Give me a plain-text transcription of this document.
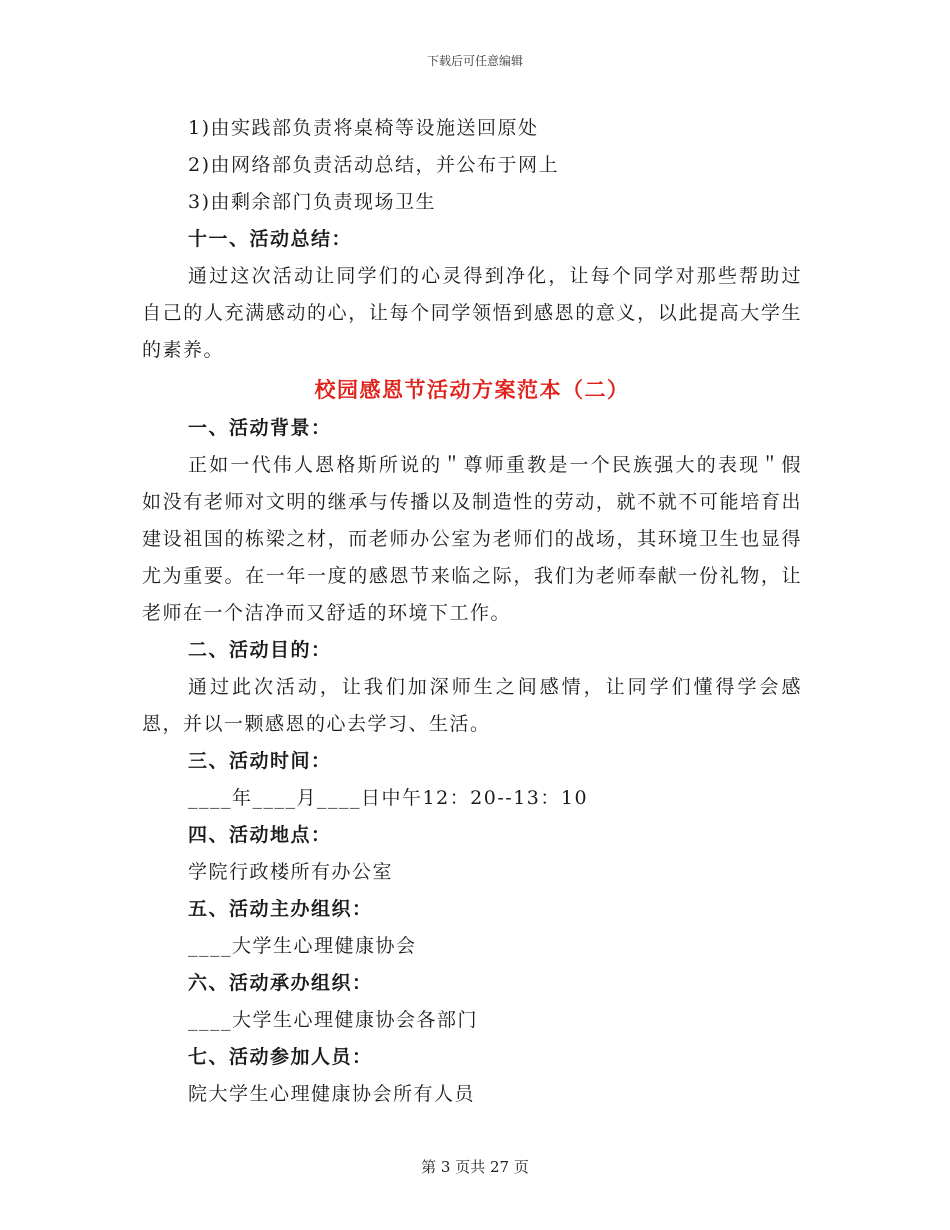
下载后可任意编辑
1)由实践部负责将桌椅等设施送回原处
2)由网络部负责活动总结，并公布于网上
3)由剩余部门负责现场卫生
十一、活动总结：
通过这次活动让同学们的心灵得到净化，让每个同学对那些帮助过自己的人充满感动的心，让每个同学领悟到感恩的意义，以此提高大学生的素养。
校园感恩节活动方案范本（二）
一、活动背景：
正如一代伟人恩格斯所说的＂尊师重教是一个民族强大的表现＂假如没有老师对文明的继承与传播以及制造性的劳动，就不就不可能培育出建设祖国的栋梁之材，而老师办公室为老师们的战场，其环境卫生也显得尤为重要。在一年一度的感恩节来临之际，我们为老师奉献一份礼物，让老师在一个洁净而又舒适的环境下工作。
二、活动目的：
通过此次活动，让我们加深师生之间感情，让同学们懂得学会感恩，并以一颗感恩的心去学习、生活。
三、活动时间：
____年____月____日中午12：20--13：10
四、活动地点：
学院行政楼所有办公室
五、活动主办组织：
____大学生心理健康协会
六、活动承办组织：
____大学生心理健康协会各部门
七、活动参加人员：
院大学生心理健康协会所有人员
第 3 页共 27 页
